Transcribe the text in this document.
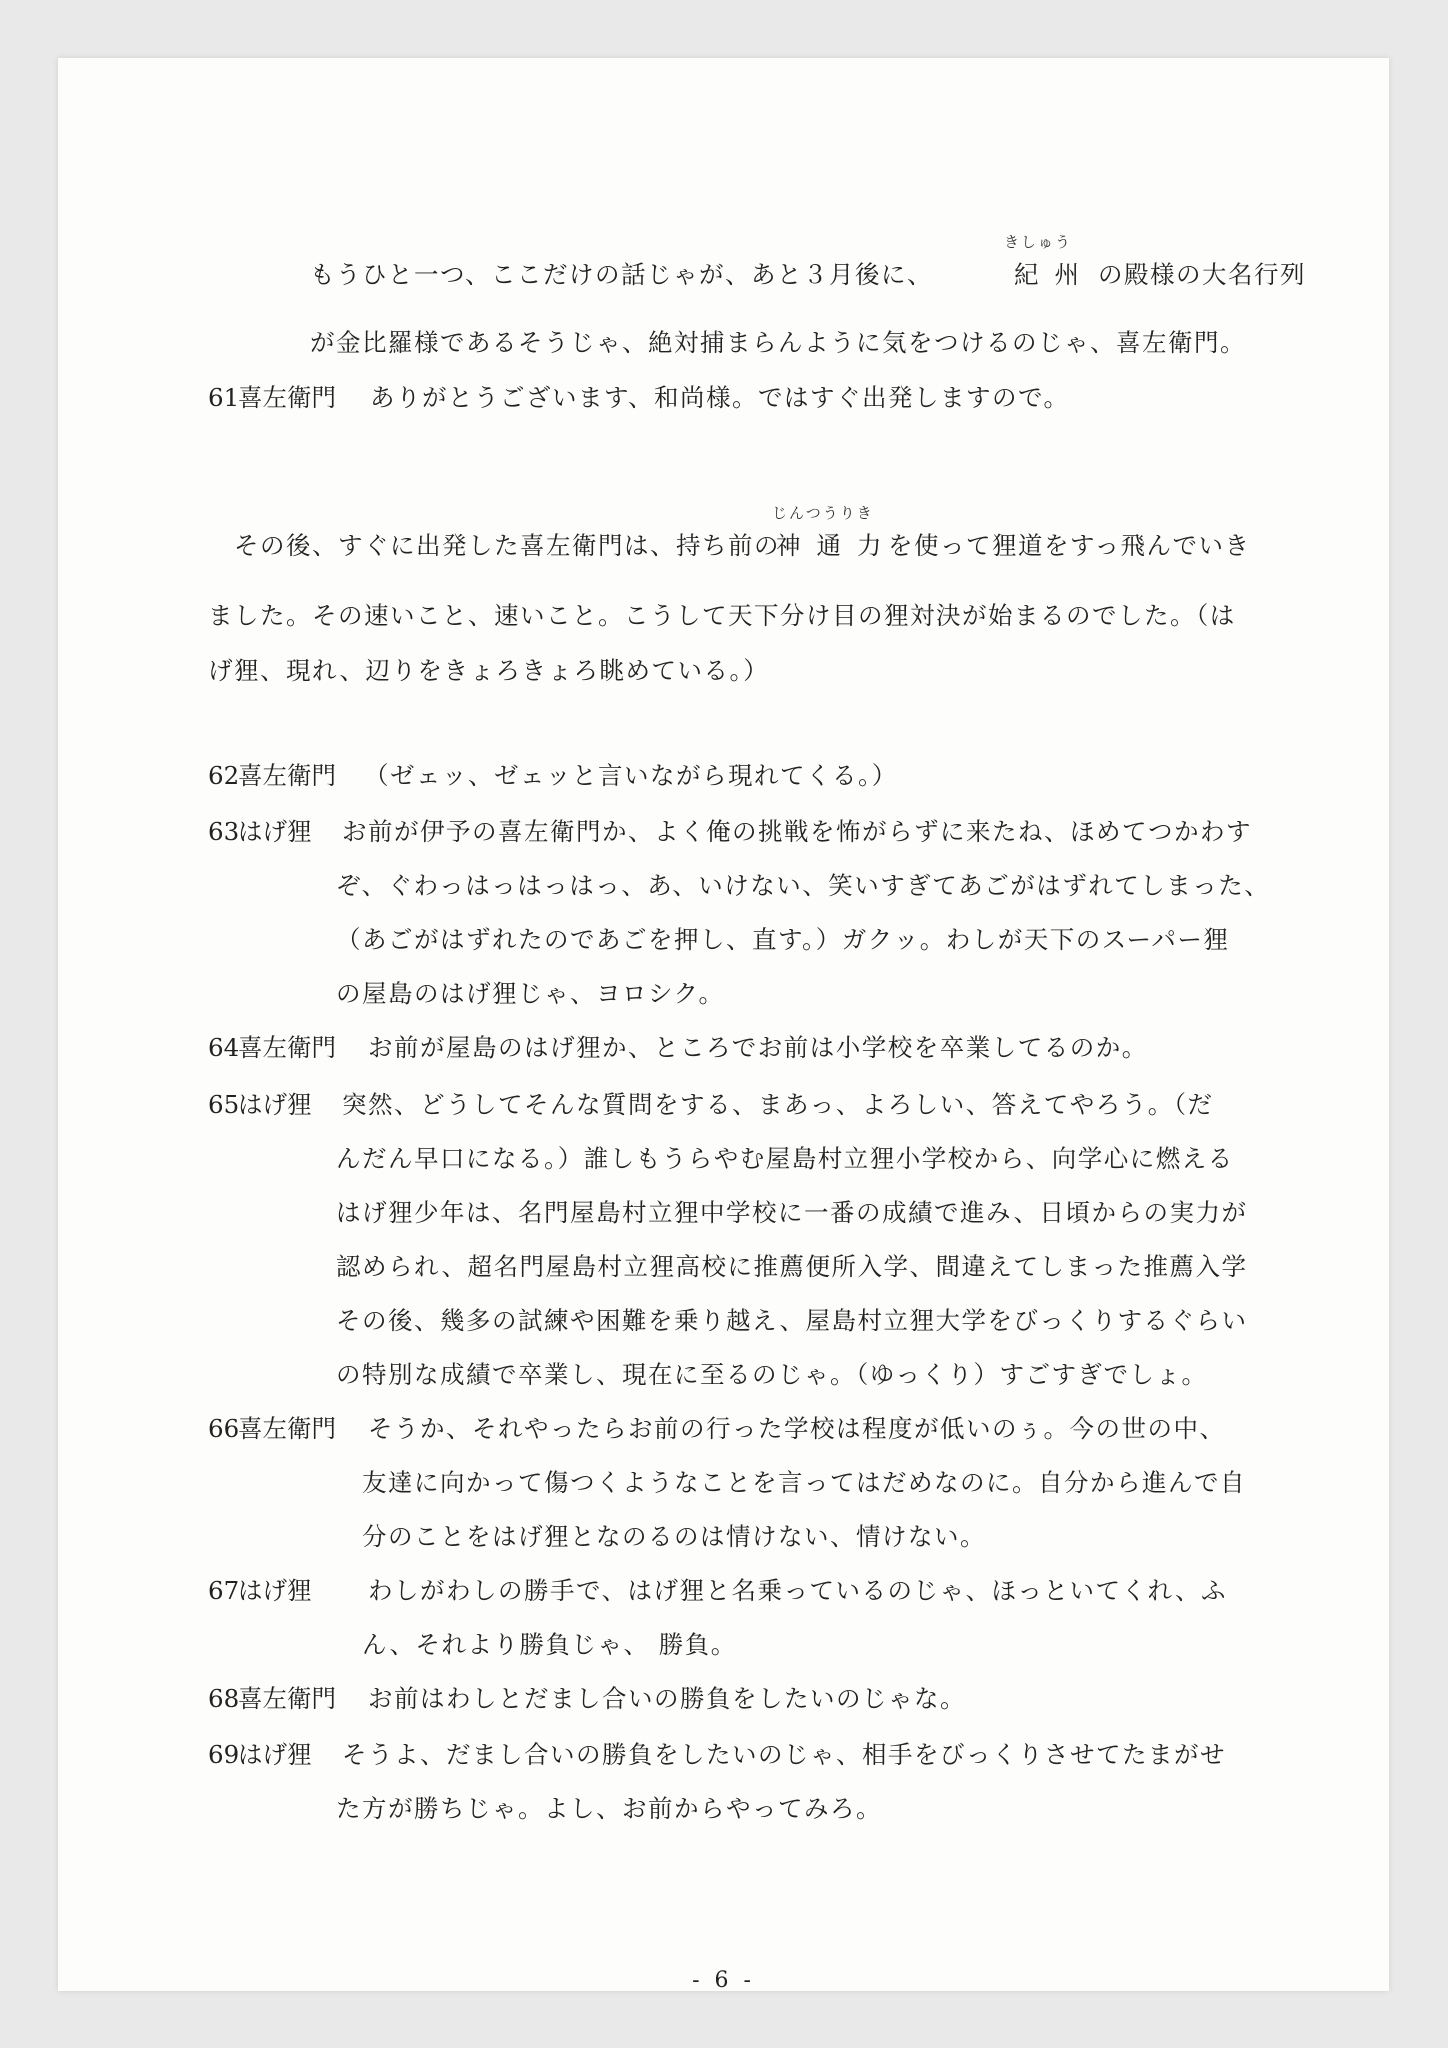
きしゅう
もうひと一つ、ここだけの話じゃが、あと３月後に、	紀州 の殿様の大名行列
が金比羅様であるそうじゃ、絶対捕まらんように気をつけるのじゃ、喜左衛門。
61
喜左衛門 ありがとうございます、和尚様。ではすぐ出発しますので。
じんつうりき
その後、すぐに出発した喜左衛門は、持ち前の
神通力
を使って狸道をすっ飛んでいき
ました。その速いこと、速いこと。こうして天下分け目の狸対決が始まるのでした。（は
げ狸、現れ、辺りをきょろきょろ眺めている。）
62
喜左衛門 （ゼェッ、ゼェッと言いながら現れてくる。）
63
はげ狸 お前が伊予の喜左衛門か、よく俺の挑戦を怖がらずに来たね、ほめてつかわす
ぞ、ぐわっはっはっはっ、あ、いけない、笑いすぎてあごがはずれてしまった、
（あごがはずれたのであごを押し、直す。）ガクッ。わしが天下のスーパー狸
の屋島のはげ狸じゃ、ヨロシク。
64
喜左衛門 お前が屋島のはげ狸か、ところでお前は小学校を卒業してるのか。
65
はげ狸 突然、どうしてそんな質問をする、まあっ、よろしい、答えてやろう。（だ
んだん早口になる。）誰しもうらやむ屋島村立狸小学校から、向学心に燃える
はげ狸少年は、名門屋島村立狸中学校に一番の成績で進み、日頃からの実力が
認められ、超名門屋島村立狸高校に推薦便所入学、間違えてしまった推薦入学
その後、幾多の試練や困難を乗り越え、屋島村立狸大学をびっくりするぐらい
の特別な成績で卒業し、現在に至るのじゃ。（ゆっくり）すごすぎでしょ。
66
喜左衛門 そうか、それやったらお前の行った学校は程度が低いのぅ。今の世の中、
友達に向かって傷つくようなことを言ってはだめなのに。自分から進んで自
分のことをはげ狸となのるのは情けない、情けない。
67
はげ狸 わしがわしの勝手で、はげ狸と名乗っているのじゃ、ほっといてくれ、ふ
ん、それより勝負じゃ、 勝負。
68
喜左衛門 お前はわしとだまし合いの勝負をしたいのじゃな。
69
はげ狸 そうよ、だまし合いの勝負をしたいのじゃ、相手をびっくりさせてたまがせ
た方が勝ちじゃ。よし、お前からやってみろ。
- 6 -
